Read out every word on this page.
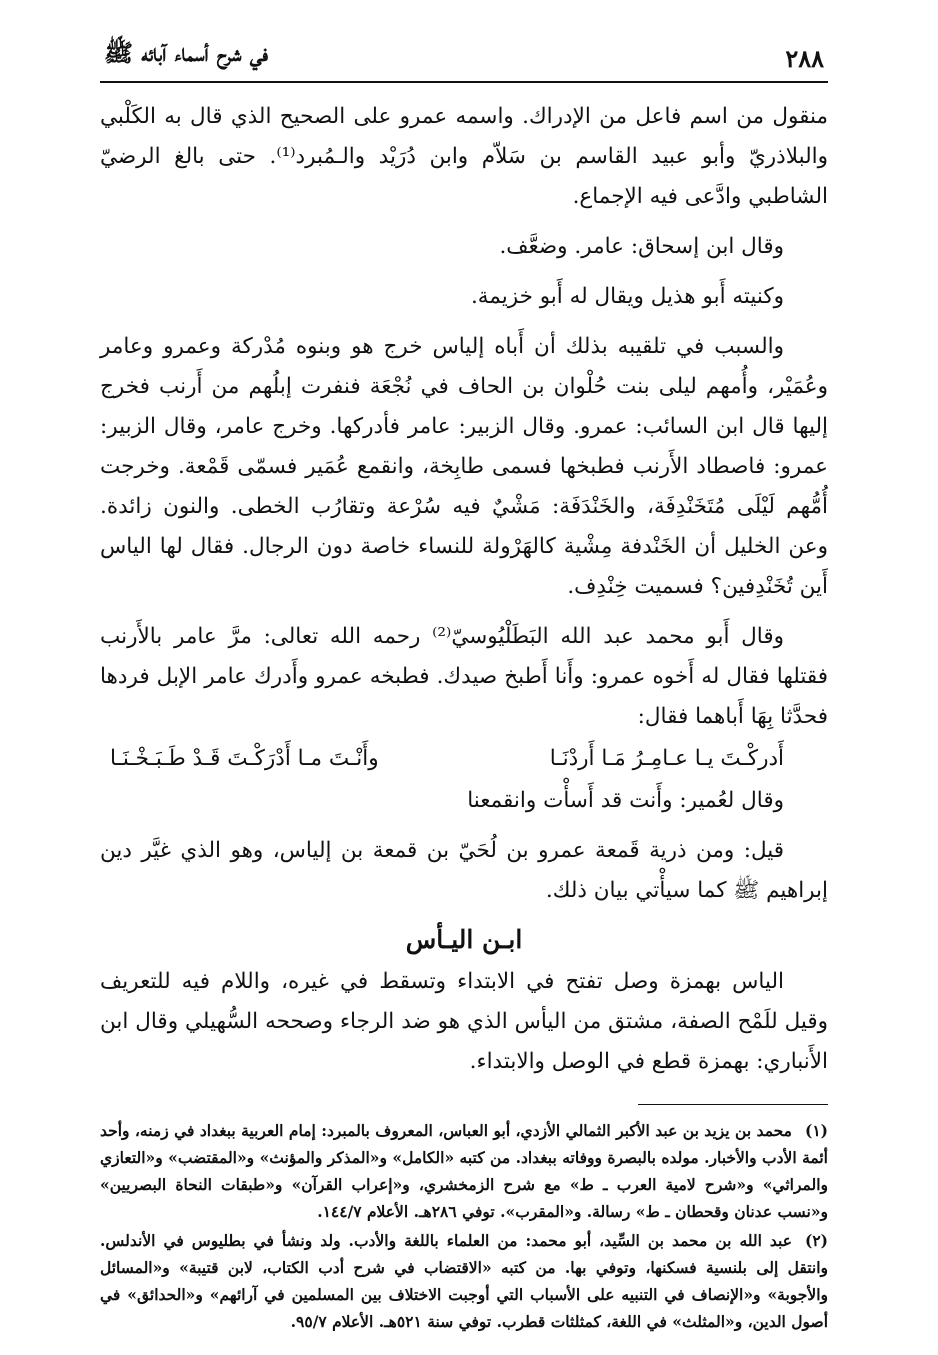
٢٨٨
في شرح أسماء آبائه ﷺ

منقول من اسم فاعل من الإدراك. واسمه عمرو على الصحيح الذي قال به الكَلْبي والبلاذريّ وأبو عبيد القاسم بن سَلاّم وابن دُرَيْد والـمُبرد⁽¹⁾. حتى بالغ الرضيّ الشاطبي وادَّعى فيه الإجماع.

وقال ابن إسحاق: عامر. وضعَّف.

وكنيته أَبو هذيل ويقال له أَبو خزيمة.

والسبب في تلقيبه بذلك أن أَباه إلياس خرج هو وبنوه مُدْركة وعمرو وعامر وعُمَيْر، وأُمهم ليلى بنت حُلْوان بن الحاف في نُجْعَة فنفرت إبلُهم من أَرنب فخرج إليها قال ابن السائب: عمرو. وقال الزبير: عامر فأدركها. وخرج عامر، وقال الزبير: عمرو: فاصطاد الأَرنب فطبخها فسمى طابِخة، وانقمع عُمَير فسمّى قَمْعة. وخرجت أُمُّهم لَيْلَى مُتَخَنْدِفَة، والخَنْدَفَة: مَشْيٌ فيه سُرْعة وتقارُب الخطى. والنون زائدة. وعن الخليل أن الخَنْدفة مِشْية كالهَرْولة للنساء خاصة دون الرجال. فقال لها الياس أَين تُخَنْدِفين؟ فسميت خِنْدِف.

وقال أَبو محمد عبد الله البَطَلْيُوسيّ⁽²⁾ رحمه الله تعالى: مرَّ عامر بالأَرنب فقتلها فقال له أَخوه عمرو: وأَنا أَطبخ صيدك. فطبخه عمرو وأَدرك عامر الإبل فردها فحدَّثا بِهَا أَباهما فقال:

أَدركْـتَ يـا عـامِـرُ مَـا أَردْنَـا
وأَنْـتَ مـا أَدْرَكْـتَ قَـدْ طَـبَـخْـنَـا

وقال لعُمير: وأَنت قد أَسأْت وانقمعنا

قيل: ومن ذرية قَمعة عمرو بن لُحَيّ بن قمعة بن إلياس، وهو الذي غيَّر دين إبراهيم ﷺ كما سيأْتي بيان ذلك.

ابـن اليـأس

الياس بهمزة وصل تفتح في الابتداء وتسقط في غيره، واللام فيه للتعريف وقيل للَمْح الصفة، مشتق من اليأس الذي هو ضد الرجاء وصححه السُّهيلي وقال ابن الأَنباري: بهمزة قطع في الوصل والابتداء.

(١)محمد بن يزيد بن عبد الأكبر الثمالي الأزدي، أبو العباس، المعروف بالمبرد: إمام العربية ببغداد في زمنه، وأحد أئمة الأدب والأخبار. مولده بالبصرة ووفاته ببغداد. من كتبه «الكامل» و«المذكر والمؤنث» و«المقتضب» و«التعازي والمراثي» و«شرح لامية العرب ـ ط» مع شرح الزمخشري، و«إعراب القرآن» و«طبقات النحاة البصريين» و«نسب عدنان وقحطان ـ ط» رسالة. و«المقرب». توفي ٢٨٦هـ. الأعلام ١٤٤/٧.

(٢)عبد الله بن محمد بن السِّيد، أبو محمد: من العلماء باللغة والأدب. ولد ونشأ في بطليوس في الأندلس. وانتقل إلى بلنسية فسكنها، وتوفي بها. من كتبه «الاقتضاب في شرح أدب الكتاب، لابن قتيبة» و«المسائل والأجوبة» و«الإنصاف في التنبيه على الأسباب التي أوجبت الاختلاف بين المسلمين في آرائهم» و«الحدائق» في أصول الدين، و«المثلث» في اللغة، كمثلثات قطرب. توفي سنة ٥٢١هـ. الأعلام ٩٥/٧.
